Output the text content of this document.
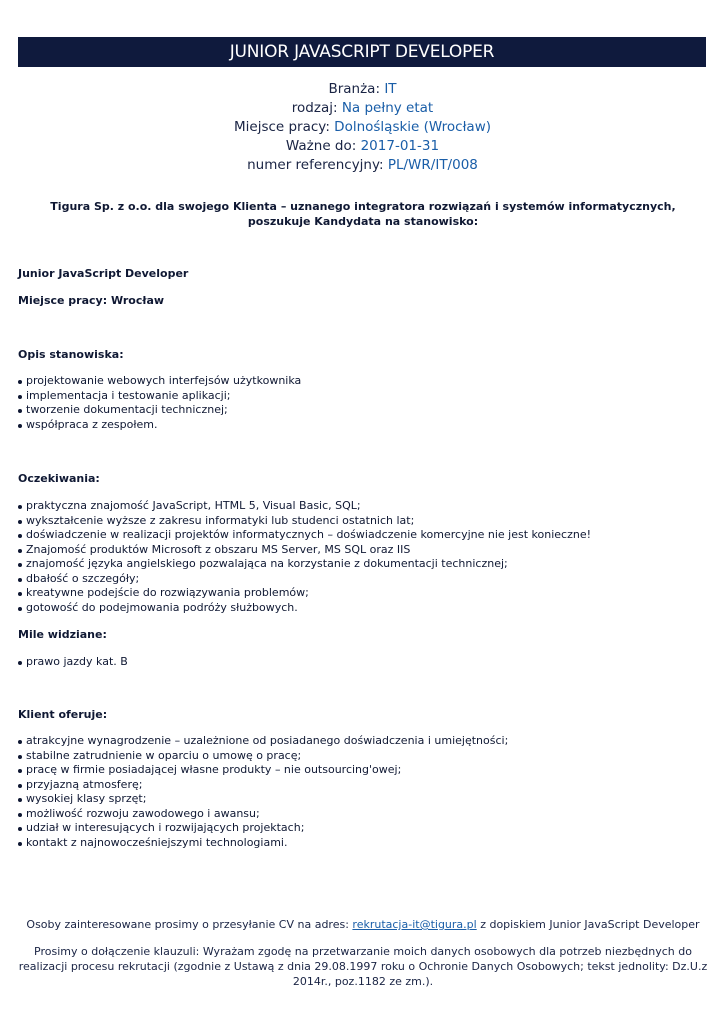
JUNIOR JAVASCRIPT DEVELOPER
Branża: IT
rodzaj: Na pełny etat
Miejsce pracy: Dolnośląskie (Wrocław)
Ważne do: 2017-01-31
numer referencyjny: PL/WR/IT/008
Tigura Sp. z o.o. dla swojego Klienta – uznanego integratora rozwiązań i systemów informatycznych, poszukuje Kandydata na stanowisko:
Junior JavaScript Developer
Miejsce pracy: Wrocław
Opis stanowiska:
projektowanie webowych interfejsów użytkownika
implementacja i testowanie aplikacji;
tworzenie dokumentacji technicznej;
współpraca z zespołem.
Oczekiwania:
praktyczna znajomość JavaScript, HTML 5, Visual Basic, SQL;
wykształcenie wyższe z zakresu informatyki lub studenci ostatnich lat;
doświadczenie w realizacji projektów informatycznych – doświadczenie komercyjne nie jest konieczne!
Znajomość produktów Microsoft z obszaru MS Server, MS SQL oraz IIS
znajomość języka angielskiego pozwalająca na korzystanie z dokumentacji technicznej;
dbałość o szczegóły;
kreatywne podejście do rozwiązywania problemów;
gotowość do podejmowania podróży służbowych.
Mile widziane:
prawo jazdy kat. B
Klient oferuje:
atrakcyjne wynagrodzenie – uzależnione od posiadanego doświadczenia i umiejętności;
stabilne zatrudnienie w oparciu o umowę o pracę;
pracę w firmie posiadającej własne produkty – nie outsourcing'owej;
przyjazną atmosferę;
wysokiej klasy sprzęt;
możliwość rozwoju zawodowego i awansu;
udział w interesujących i rozwijających projektach;
kontakt z najnowocześniejszymi technologiami.
Osoby zainteresowane prosimy o przesyłanie CV na adres: rekrutacja-it@tigura.pl z dopiskiem Junior JavaScript Developer
Prosimy o dołączenie klauzuli: Wyrażam zgodę na przetwarzanie moich danych osobowych dla potrzeb niezbędnych do realizacji procesu rekrutacji (zgodnie z Ustawą z dnia 29.08.1997 roku o Ochronie Danych Osobowych; tekst jednolity: Dz.U.z 2014r., poz.1182 ze zm.).
